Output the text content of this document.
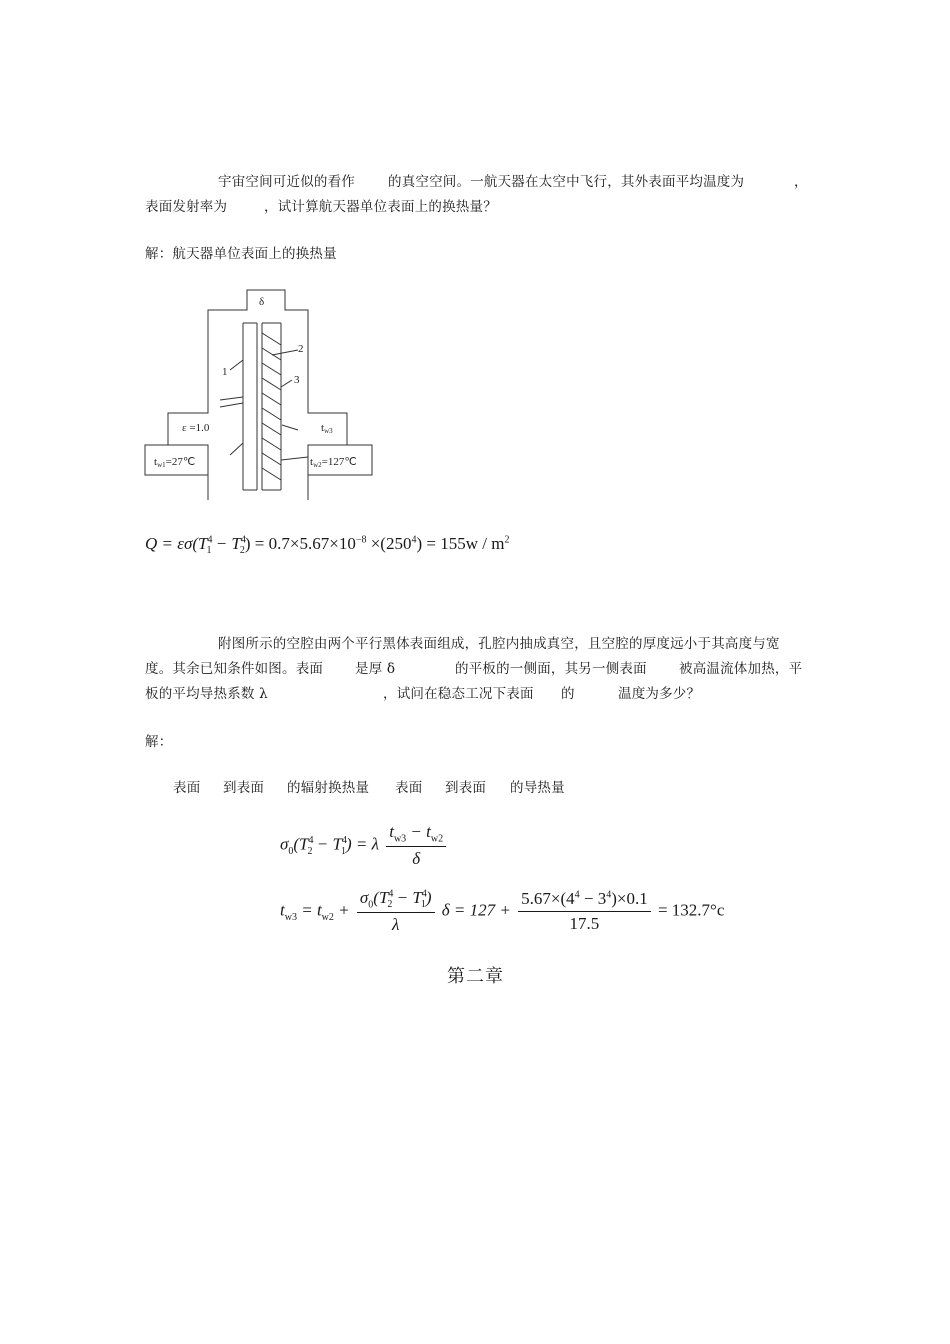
宇宙空间可近似的看作 的真空空间。一航天器在太空中飞行，其外表面平均温度为	，
表面发射率为	，试计算航天器单位表面上的换热量？
解：航天器单位表面上的换热量
δ
1
2
3
ε =1.0	tw3
tw1=27℃	tw2=127℃
$Q = \varepsilon\sigma(T^4_1 - T^4_2) = 0.7\times 5.67\times 10^{-8} \times(250^4) = 155w / m^2$
附图所示的空腔由两个平行黑体表面组成，孔腔内抽成真空，且空腔的厚度远小于其高度与宽
度。其余已知条件如图。表面 是厚 δ	的平板的一侧面，其另一侧表面 被高温流体加热，平
板的平均导热系数 λ	，试问在稳态工况下表面 的	温度为多少？
解：
表面 到表面 的辐射换热量 表面 到表面 的导热量
$\sigma_0(T^4_2 - T^4_1) = \lambda \frac{t_{w3} - t_{w2}}{\delta}$
$t_{w3} = t_{w2} + \frac{\sigma_0(T^4_2 - T^4_1)}{\lambda}$ $\delta = 127 + \frac{5.67\times(4^4 - 3^4)\times 0.1}{17.5} = 132.7^\circ c$
第二章
